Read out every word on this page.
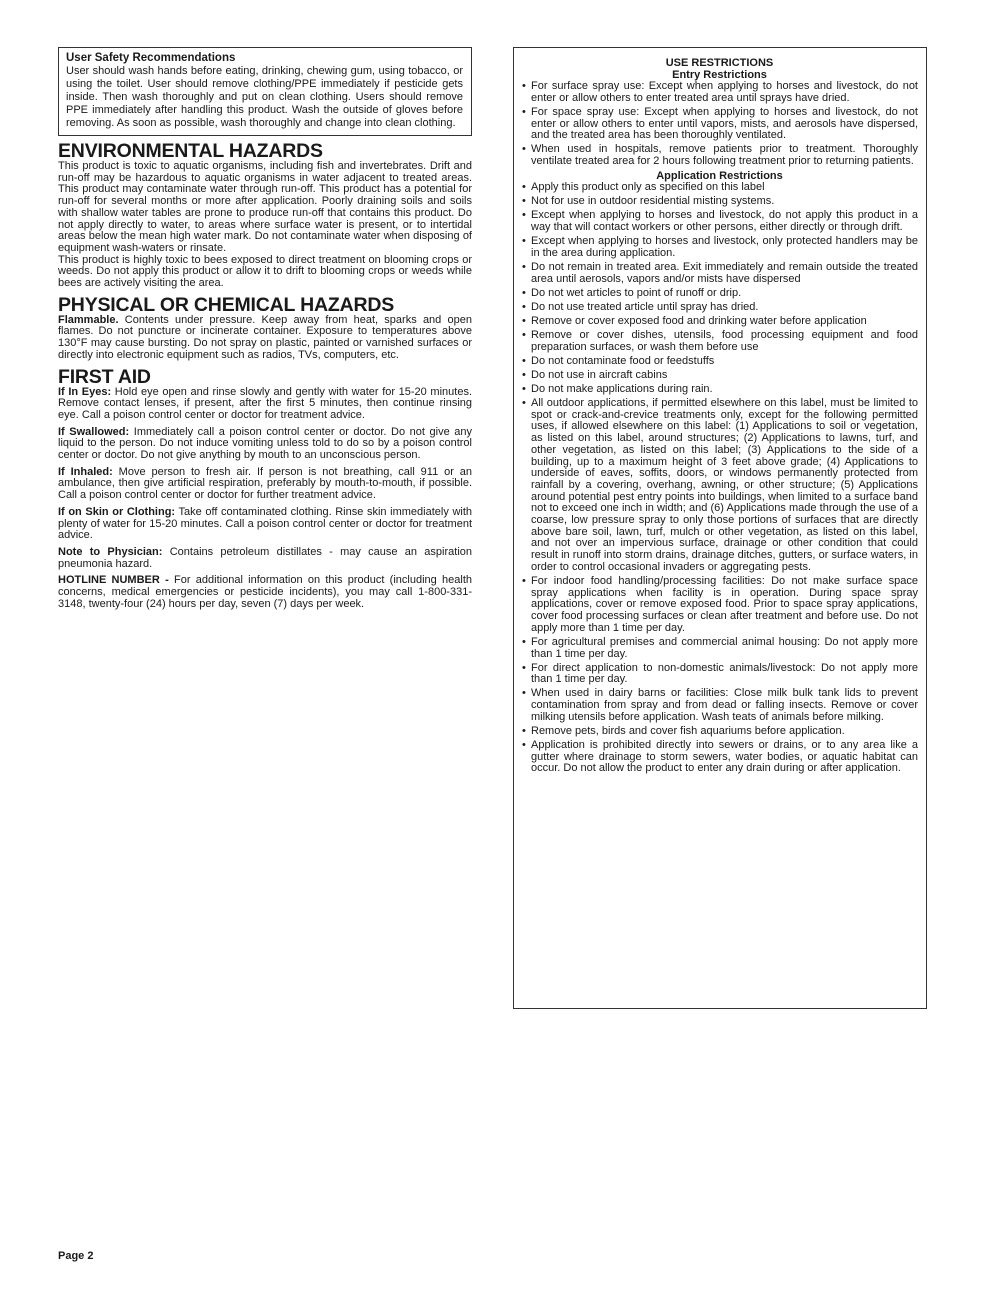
User Safety Recommendations
User should wash hands before eating, drinking, chewing gum, using tobacco, or using the toilet. User should remove clothing/PPE immediately if pesticide gets inside. Then wash thoroughly and put on clean clothing. Users should remove PPE immediately after handling this product. Wash the outside of gloves before removing. As soon as possible, wash thoroughly and change into clean clothing.
ENVIRONMENTAL HAZARDS

This product is toxic to aquatic organisms, including fish and invertebrates. Drift and run-off may be hazardous to aquatic organisms in water adjacent to treated areas. This product may contaminate water through run-off. This product has a potential for run-off for several months or more after application. Poorly draining soils and soils with shallow water tables are prone to produce run-off that contains this product. Do not apply directly to water, to areas where surface water is present, or to intertidal areas below the mean high water mark. Do not contaminate water when disposing of equipment wash-waters or rinsate.

This product is highly toxic to bees exposed to direct treatment on blooming crops or weeds. Do not apply this product or allow it to drift to blooming crops or weeds while bees are actively visiting the area.

PHYSICAL OR CHEMICAL HAZARDS

Flammable. Contents under pressure. Keep away from heat, sparks and open flames. Do not puncture or incinerate container. Exposure to temperatures above 130°F may cause bursting. Do not spray on plastic, painted or varnished surfaces or directly into electronic equipment such as radios, TVs, computers, etc.

FIRST AID

If In Eyes: Hold eye open and rinse slowly and gently with water for 15-20 minutes. Remove contact lenses, if present, after the first 5 minutes, then continue rinsing eye. Call a poison control center or doctor for treatment advice.

If Swallowed: Immediately call a poison control center or doctor. Do not give any liquid to the person. Do not induce vomiting unless told to do so by a poison control center or doctor. Do not give anything by mouth to an unconscious person.

If Inhaled: Move person to fresh air. If person is not breathing, call 911 or an ambulance, then give artificial respiration, preferably by mouth-to-mouth, if possible. Call a poison control center or doctor for further treatment advice.

If on Skin or Clothing: Take off contaminated clothing. Rinse skin immediately with plenty of water for 15-20 minutes. Call a poison control center or doctor for treatment advice.

Note to Physician: Contains petroleum distillates - may cause an aspiration pneumonia hazard.

HOTLINE NUMBER - For additional information on this product (including health concerns, medical emergencies or pesticide incidents), you may call 1-800-331-3148, twenty-four (24) hours per day, seven (7) days per week.

USE RESTRICTIONS
Entry Restrictions
• For surface spray use: Except when applying to horses and livestock, do not enter or allow others to enter treated area until sprays have dried.
• For space spray use: Except when applying to horses and livestock, do not enter or allow others to enter until vapors, mists, and aerosols have dispersed, and the treated area has been thoroughly ventilated.
• When used in hospitals, remove patients prior to treatment. Thoroughly ventilate treated area for 2 hours following treatment prior to returning patients.
Application Restrictions
• Apply this product only as specified on this label
• Not for use in outdoor residential misting systems.
• Except when applying to horses and livestock, do not apply this product in a way that will contact workers or other persons, either directly or through drift.
• Except when applying to horses and livestock, only protected handlers may be in the area during application.
• Do not remain in treated area. Exit immediately and remain outside the treated area until aerosols, vapors and/or mists have dispersed
• Do not wet articles to point of runoff or drip.
• Do not use treated article until spray has dried.
• Remove or cover exposed food and drinking water before application
• Remove or cover dishes, utensils, food processing equipment and food preparation surfaces, or wash them before use
• Do not contaminate food or feedstuffs
• Do not use in aircraft cabins
• Do not make applications during rain.
• All outdoor applications, if permitted elsewhere on this label, must be limited to spot or crack-and-crevice treatments only, except for the following permitted uses, if allowed elsewhere on this label: (1) Applications to soil or vegetation, as listed on this label, around structures; (2) Applications to lawns, turf, and other vegetation, as listed on this label; (3) Applications to the side of a building, up to a maximum height of 3 feet above grade; (4) Applications to underside of eaves, soffits, doors, or windows permanently protected from rainfall by a covering, overhang, awning, or other structure; (5) Applications around potential pest entry points into buildings, when limited to a surface band not to exceed one inch in width; and (6) Applications made through the use of a coarse, low pressure spray to only those portions of surfaces that are directly above bare soil, lawn, turf, mulch or other vegetation, as listed on this label, and not over an impervious surface, drainage or other condition that could result in runoff into storm drains, drainage ditches, gutters, or surface waters, in order to control occasional invaders or aggregating pests.
• For indoor food handling/processing facilities: Do not make surface space spray applications when facility is in operation. During space spray applications, cover or remove exposed food. Prior to space spray applications, cover food processing surfaces or clean after treatment and before use. Do not apply more than 1 time per day.
• For agricultural premises and commercial animal housing: Do not apply more than 1 time per day.
• For direct application to non-domestic animals/livestock: Do not apply more than 1 time per day.
• When used in dairy barns or facilities: Close milk bulk tank lids to prevent contamination from spray and from dead or falling insects. Remove or cover milking utensils before application. Wash teats of animals before milking.
• Remove pets, birds and cover fish aquariums before application.
• Application is prohibited directly into sewers or drains, or to any area like a gutter where drainage to storm sewers, water bodies, or aquatic habitat can occur. Do not allow the product to enter any drain during or after application.
Page 2
